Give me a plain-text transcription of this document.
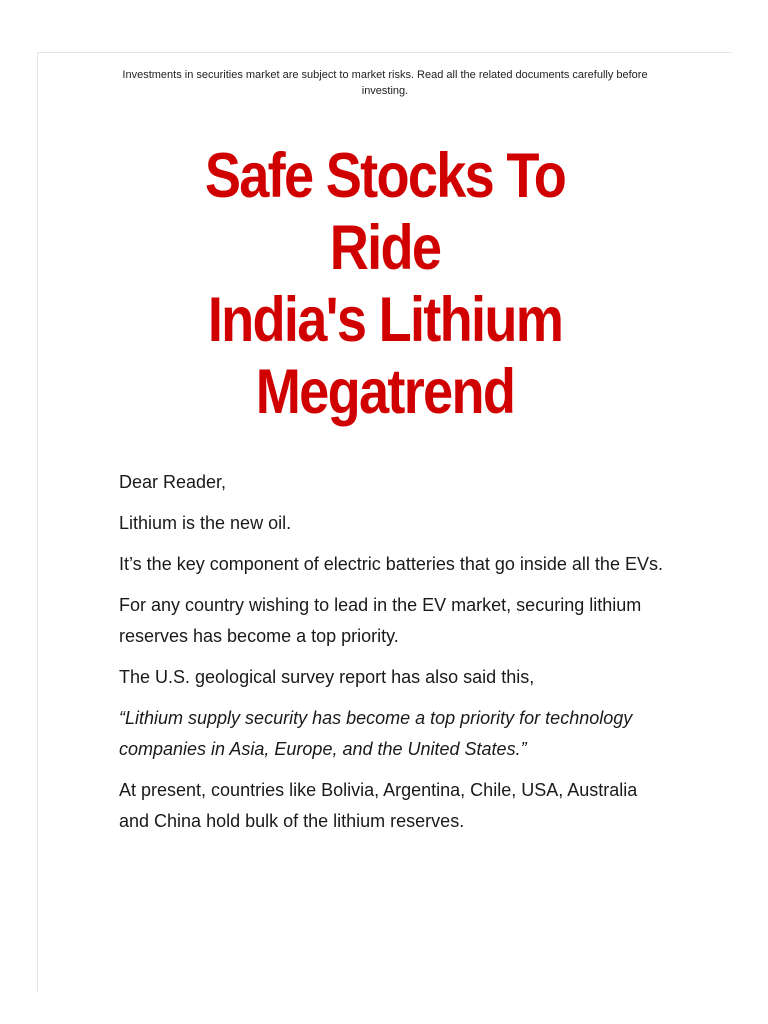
Investments in securities market are subject to market risks. Read all the related documents carefully before investing.
Safe Stocks To
Ride
India's Lithium
Megatrend

Dear Reader,

Lithium is the new oil.

It’s the key component of electric batteries that go inside all the EVs.

For any country wishing to lead in the EV market, securing lithium reserves has become a top priority.

The U.S. geological survey report has also said this,

“Lithium supply security has become a top priority for technology companies in Asia, Europe, and the United States.”

At present, countries like Bolivia, Argentina, Chile, USA, Australia and China hold bulk of the lithium reserves.
